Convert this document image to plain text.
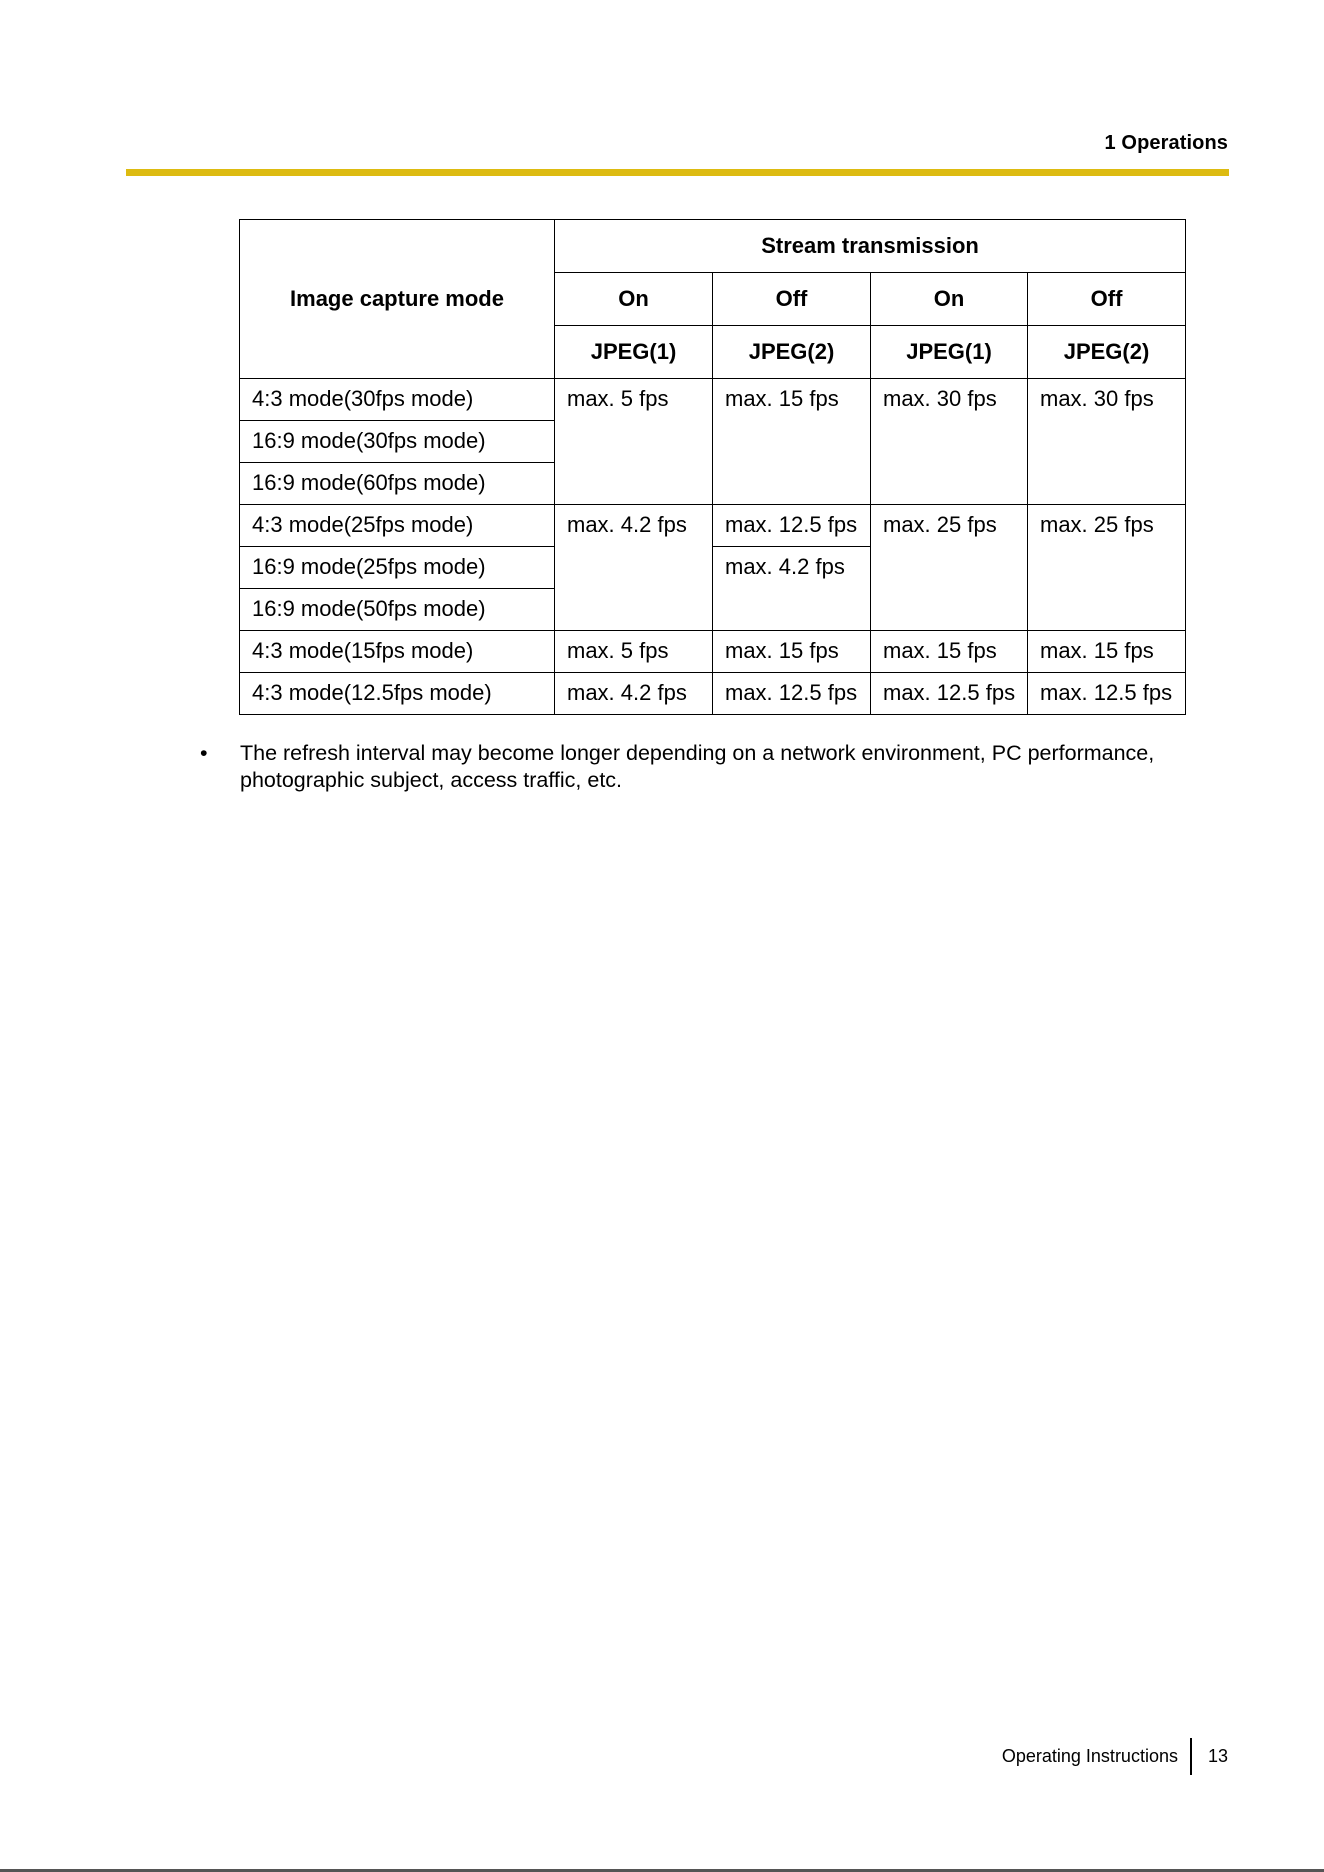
1 Operations
Image capture mode	Stream transmission			
	On	Off	On	Off
	JPEG(1)	JPEG(2)	JPEG(1)	JPEG(2)
4:3 mode(30fps mode)	max. 5 fps	max. 15 fps	max. 30 fps	max. 30 fps
16:9 mode(30fps mode)				
16:9 mode(60fps mode)				
4:3 mode(25fps mode)	max. 4.2 fps	max. 12.5 fps	max. 25 fps	max. 25 fps
16:9 mode(25fps mode)		max. 4.2 fps		
16:9 mode(50fps mode)				
4:3 mode(15fps mode)	max. 5 fps	max. 15 fps	max. 15 fps	max. 15 fps
4:3 mode(12.5fps mode)	max. 4.2 fps	max. 12.5 fps	max. 12.5 fps	max. 12.5 fps
• The refresh interval may become longer depending on a network environment, PC performance, photographic subject, access traffic, etc.
Operating Instructions 13
